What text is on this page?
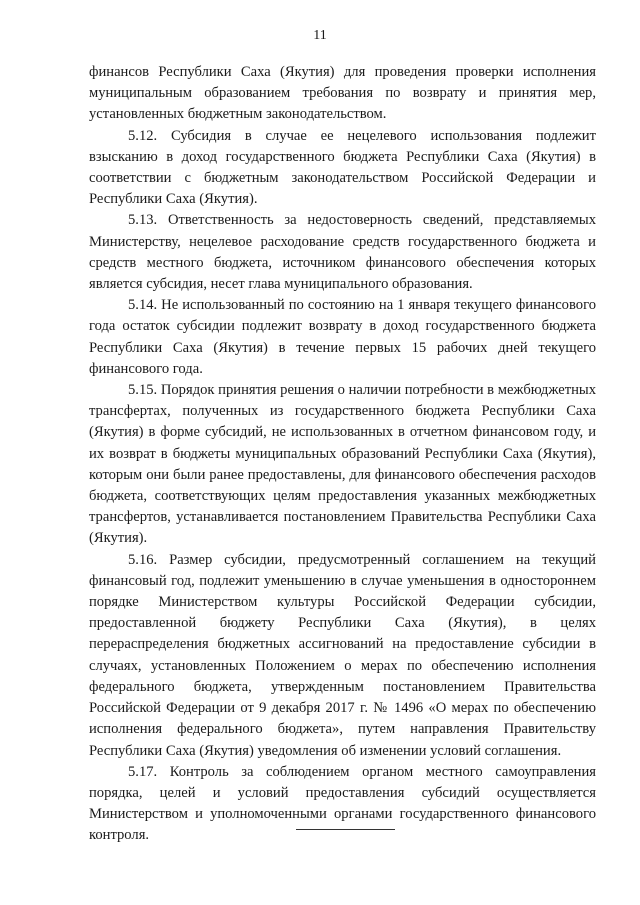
11

финансов Республики Саха (Якутия) для проведения проверки исполнения муниципальным образованием требования по возврату и принятия мер, установленных бюджетным законодательством.

5.12. Субсидия в случае ее нецелевого использования подлежит взысканию в доход государственного бюджета Республики Саха (Якутия) в соответствии с бюджетным законодательством Российской Федерации и Республики Саха (Якутия).

5.13. Ответственность за недостоверность сведений, представляемых Министерству, нецелевое расходование средств государственного бюджета и средств местного бюджета, источником финансового обеспечения которых является субсидия, несет глава муниципального образования.

5.14. Не использованный по состоянию на 1 января текущего финансового года остаток субсидии подлежит возврату в доход государственного бюджета Республики Саха (Якутия) в течение первых 15 рабочих дней текущего финансового года.

5.15. Порядок принятия решения о наличии потребности в межбюджетных трансфертах, полученных из государственного бюджета Республики Саха (Якутия) в форме субсидий, не использованных в отчетном финансовом году, и их возврат в бюджеты муниципальных образований Республики Саха (Якутия), которым они были ранее предоставлены, для финансового обеспечения расходов бюджета, соответствующих целям предоставления указанных межбюджетных трансфертов, устанавливается постановлением Правительства Республики Саха (Якутия).

5.16. Размер субсидии, предусмотренный соглашением на текущий финансовый год, подлежит уменьшению в случае уменьшения в одностороннем порядке Министерством культуры Российской Федерации субсидии, предоставленной бюджету Республики Саха (Якутия), в целях перераспределения бюджетных ассигнований на предоставление субсидии в случаях, установленных Положением о мерах по обеспечению исполнения федерального бюджета, утвержденным постановлением Правительства Российской Федерации от 9 декабря 2017 г. № 1496 «О мерах по обеспечению исполнения федерального бюджета», путем направления Правительству Республики Саха (Якутия) уведомления об изменении условий соглашения.

5.17. Контроль за соблюдением органом местного самоуправления порядка, целей и условий предоставления субсидий осуществляется Министерством и уполномоченными органами государственного финансового контроля.
